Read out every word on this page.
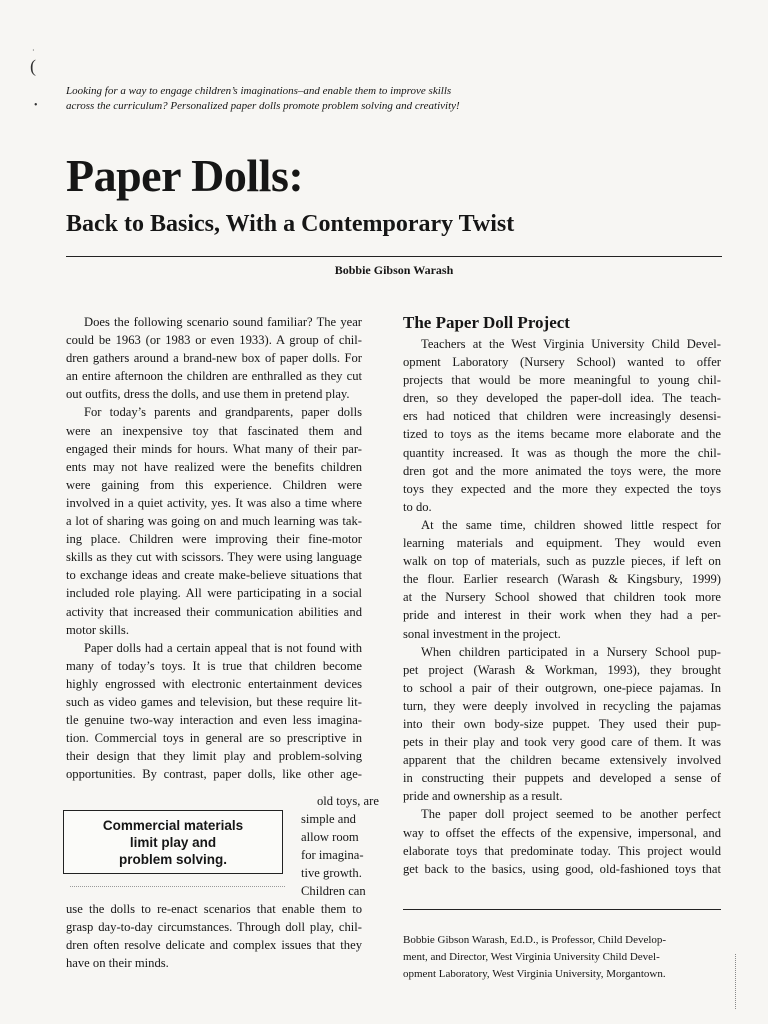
·
(
•

Looking for a way to engage children’s imaginations–and enable them to improve skills
across the curriculum? Personalized paper dolls promote problem solving and creativity!

Paper Dolls:
Back to Basics, With a Contemporary Twist

Bobbie Gibson Warash

Does the following scenario sound familiar? The year
could be 1963 (or 1983 or even 1933). A group of chil-
dren gathers around a brand-new box of paper dolls. For
an entire afternoon the children are enthralled as they cut
out outfits, dress the dolls, and use them in pretend play.

For today’s parents and grandparents, paper dolls
were an inexpensive toy that fascinated them and
engaged their minds for hours. What many of their par-
ents may not have realized were the benefits children
were gaining from this experience. Children were
involved in a quiet activity, yes. It was also a time where
a lot of sharing was going on and much learning was tak-
ing place. Children were improving their fine-motor
skills as they cut with scissors. They were using language
to exchange ideas and create make-believe situations that
included role playing. All were participating in a social
activity that increased their communication abilities and
motor skills.

Paper dolls had a certain appeal that is not found with
many of today’s toys. It is true that children become
highly engrossed with electronic entertainment devices
such as video games and television, but these require lit-
tle genuine two-way interaction and even less imagina-
tion. Commercial toys in general are so prescriptive in
their design that they limit play and problem-solving
opportunities. By contrast, paper dolls, like other age-

Commercial materials
limit play and
problem solving.
old toys, are
simple and
allow room
for imagina-
tive growth.
Children can
use the dolls to re-enact scenarios that enable them to
grasp day-to-day circumstances. Through doll play, chil-
dren often resolve delicate and complex issues that they
have on their minds.

The Paper Doll Project

Teachers at the West Virginia University Child Devel-
opment Laboratory (Nursery School) wanted to offer
projects that would be more meaningful to young chil-
dren, so they developed the paper-doll idea. The teach-
ers had noticed that children were increasingly desensi-
tized to toys as the items became more elaborate and the
quantity increased. It was as though the more the chil-
dren got and the more animated the toys were, the more
toys they expected and the more they expected the toys
to do.

At the same time, children showed little respect for
learning materials and equipment. They would even
walk on top of materials, such as puzzle pieces, if left on
the flour. Earlier research (Warash & Kingsbury, 1999)
at the Nursery School showed that children took more
pride and interest in their work when they had a per-
sonal investment in the project.

When children participated in a Nursery School pup-
pet project (Warash & Workman, 1993), they brought
to school a pair of their outgrown, one-piece pajamas. In
turn, they were deeply involved in recycling the pajamas
into their own body-size puppet. They used their pup-
pets in their play and took very good care of them. It was
apparent that the children became extensively involved
in constructing their puppets and developed a sense of
pride and ownership as a result.

The paper doll project seemed to be another perfect
way to offset the effects of the expensive, impersonal, and
elaborate toys that predominate today. This project would
get back to the basics, using good, old-fashioned toys that

Bobbie Gibson Warash, Ed.D., is Professor, Child Develop-
ment, and Director, West Virginia University Child Devel-
opment Laboratory, West Virginia University, Morgantown.
